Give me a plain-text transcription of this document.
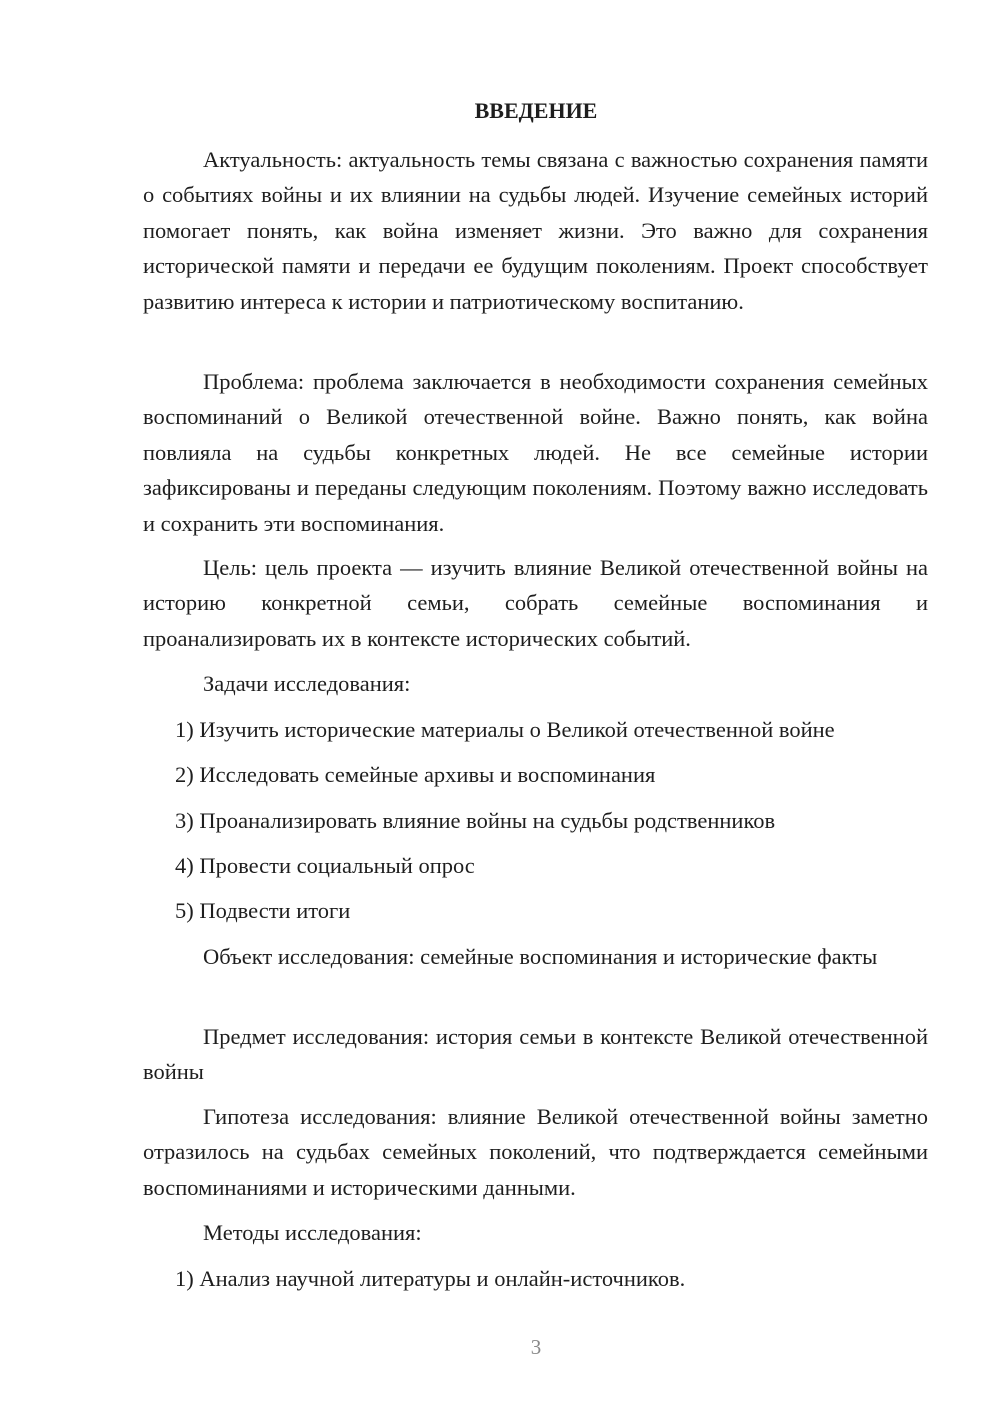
ВВЕДЕНИЕ

Актуальность: актуальность темы связана с важностью сохранения памяти о событиях войны и их влиянии на судьбы людей. Изучение семейных историй помогает понять, как война изменяет жизни. Это важно для сохранения исторической памяти и передачи ее будущим поколениям. Проект способствует развитию интереса к истории и патриотическому воспитанию.

Проблема: проблема заключается в необходимости сохранения семейных воспоминаний о Великой отечественной войне. Важно понять, как война повлияла на судьбы конкретных людей. Не все семейные истории зафиксированы и переданы следующим поколениям. Поэтому важно исследовать и сохранить эти воспоминания.

Цель: цель проекта — изучить влияние Великой отечественной войны на историю конкретной семьи, собрать семейные воспоминания и проанализировать их в контексте исторических событий.

Задачи исследования:

1) Изучить исторические материалы о Великой отечественной войне
2) Исследовать семейные архивы и воспоминания
3) Проанализировать влияние войны на судьбы родственников
4) Провести социальный опрос
5) Подвести итоги

Объект исследования: семейные воспоминания и исторические факты

Предмет исследования: история семьи в контексте Великой отечественной войны

Гипотеза исследования: влияние Великой отечественной войны заметно отразилось на судьбах семейных поколений, что подтверждается семейными воспоминаниями и историческими данными.

Методы исследования:

1) Анализ научной литературы и онлайн-источников.
3
